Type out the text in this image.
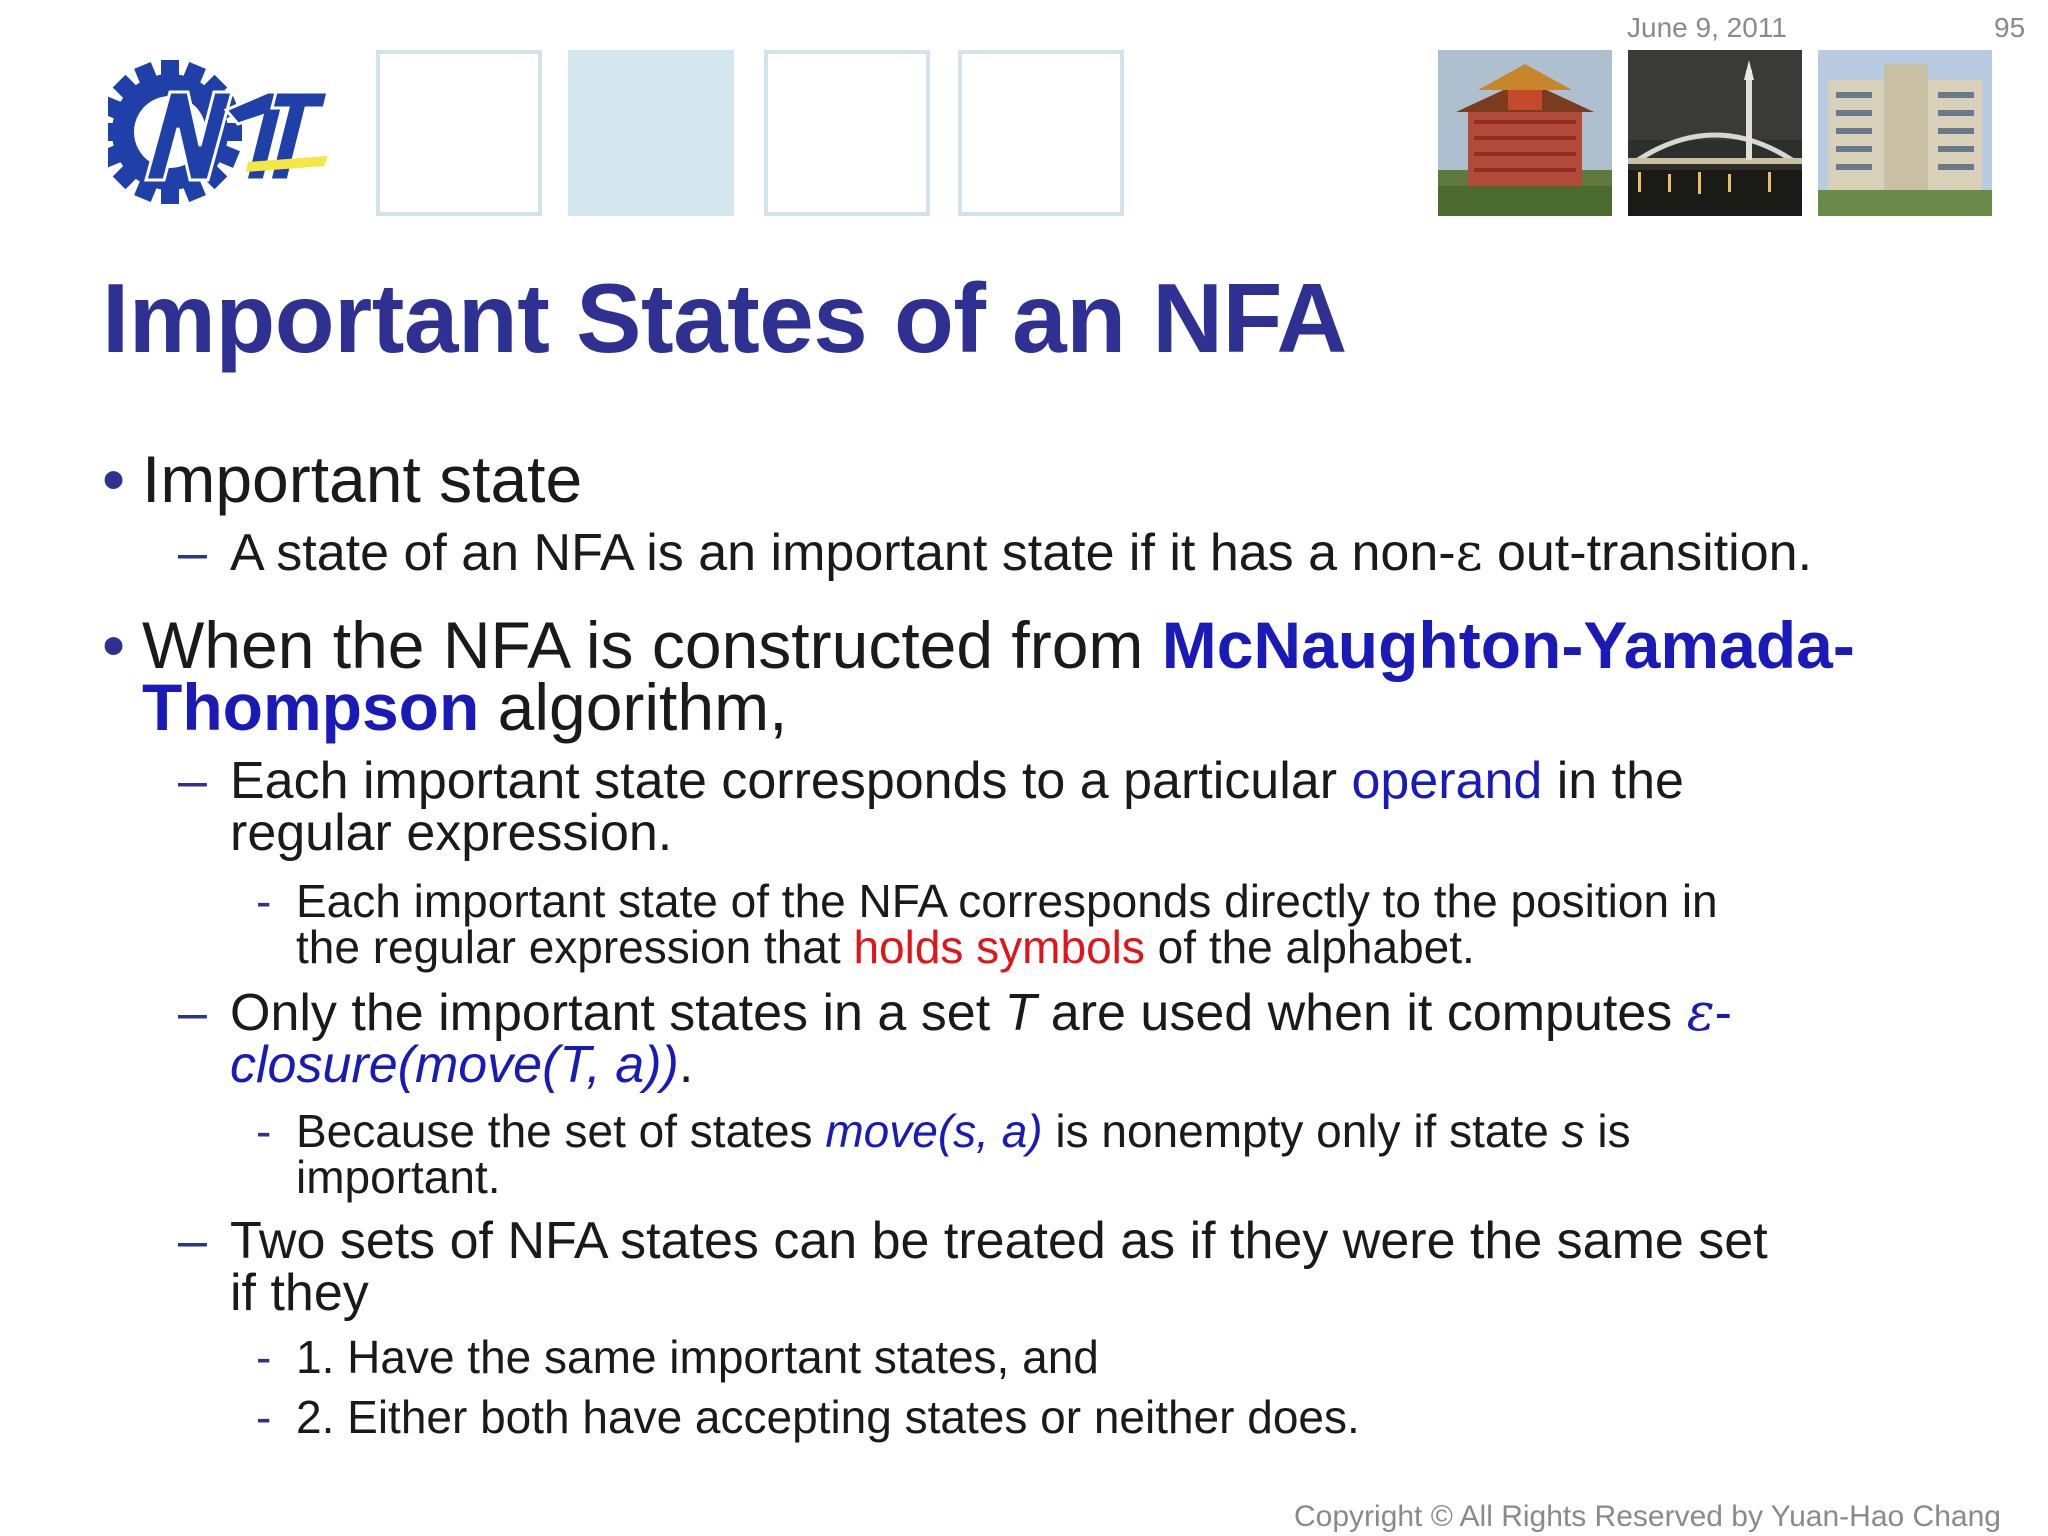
June 9, 2011	95
Important States of an NFA
• Important state
– A state of an NFA is an important state if it has a non-ε out-transition.
• When the NFA is constructed from McNaughton-Yamada-
Thompson algorithm,
– Each important state corresponds to a particular operand in the
regular expression.
- Each important state of the NFA corresponds directly to the position in
the regular expression that holds symbols of the alphabet.
– Only the important states in a set T are used when it computes ε-
closure(move(T, a)).
- Because the set of states move(s, a) is nonempty only if state s is
important.
– Two sets of NFA states can be treated as if they were the same set
if they
- 1. Have the same important states, and
- 2. Either both have accepting states or neither does.
Copyright © All Rights Reserved by Yuan-Hao Chang
